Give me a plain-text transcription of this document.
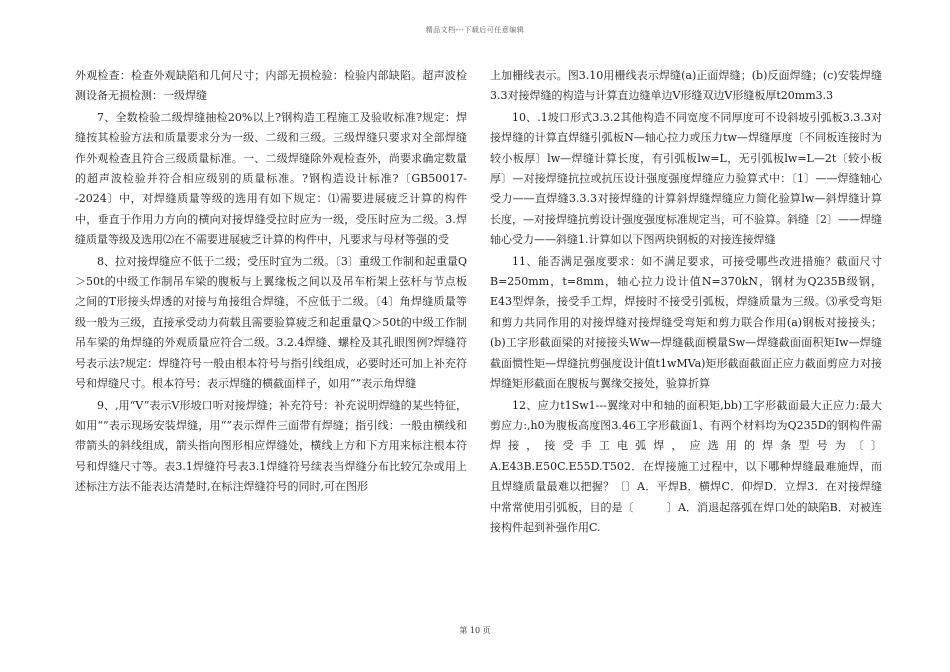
精品文档---下载后可任意编辑

外观检查：检查外观缺陷和几何尺寸；内部无损检验：检验内部缺陷。超声波检测设备无损检测：一级焊缝

7、全数检验二级焊缝抽检20%以上?钢构造工程施工及验收标准?规定：焊缝按其检验方法和质量要求分为一级、二级和三级。三级焊缝只要求对全部焊缝作外观检查且符合三级质量标准。一、二级焊缝除外观检查外，尚要求确定数量的超声波检验并符合相应级别的质量标准。?钢构造设计标准?〔GB50017--2024〕中，对焊缝质量等级的选用有如下规定：⑴需要进展疲乏计算的构件中，垂直于作用力方向的横向对接焊缝受拉时应为一级，受压时应为二级。3.焊缝质量等级及选用⑵在不需要进展疲乏计算的构件中，凡要求与母材等强的受

8、拉对接焊缝应不低于二级；受压时宜为二级。〔3〕重级工作制和起重量Q＞50t的中级工作制吊车梁的腹板与上翼缘板之间以及吊车桁架上弦杆与节点板之间的T形接头焊透的对接与角接组合焊缝，不应低于二级。〔4〕角焊缝质量等级一般为三级，直接承受动力荷载且需要验算疲乏和起重量Q＞50t的中级工作制吊车梁的角焊缝的外观质量应符合二级。3.2.4焊缝、螺栓及其孔眼图例?焊缝符号表示法?规定：焊缝符号一般由根本符号与指引线组成，必要时还可加上补充符号和焊缝尺寸。根本符号：表示焊缝的横截面样子，如用“”表示角焊缝

9、,用“V”表示V形坡口听对接焊缝；补充符号：补充说明焊缝的某些特征，如用“”表示现场安装焊缝，用“”表示焊件三面带有焊缝；指引线：一般由横线和带箭头的斜线组成，箭头指向图形相应焊缝处，横线上方和下方用来标注根本符号和焊缝尺寸等。表3.1焊缝符号表3.1焊缝符号续表当焊缝分布比较冗杂或用上述标注方法不能表达清楚时,在标注焊缝符号的同时,可在图形

上加栅线表示。图3.10用栅线表示焊缝(a)正面焊缝；(b)反面焊缝；(c)安装焊缝3.3对接焊缝的构造与计算直边缝单边V形缝双边V形缝板厚t20mm3.3

10、.1坡口形式3.3.2其他构造不同宽度不同厚度可不设斜坡引弧板3.3.3对接焊缝的计算直焊缝引弧板N—轴心拉力或压力tw—焊缝厚度〔不同板连接时为较小板厚〕lw—焊缝计算长度，有引弧板lw=L，无引弧板lw=L—2t〔较小板厚〕—对接焊缝抗拉或抗压设计强度强度焊缝应力验算式中：〔1〕——焊缝轴心受力——直焊缝3.3.3对接焊缝的计算斜焊缝焊缝应力简化验算lw—斜焊缝计算长度，—对接焊缝抗剪设计强度强度标准规定当，可不验算。斜缝〔2〕——焊缝轴心受力——斜缝1.计算如以下图两块钢板的对接连接焊缝

11、能否满足强度要求：如不满足要求，可接受哪些改进措施？截面尺寸B=250mm，t=8mm，轴心拉力设计值N=370kN，钢材为Q235B级钢，E43型焊条，接受手工焊，焊接时不接受引弧板，焊缝质量为三级。⑶承受弯矩和剪力共同作用的对接焊缝对接焊缝受弯矩和剪力联合作用(a)钢板对接接头；(b)工字形截面梁的对接接头Ww—焊缝截面模量Sw—焊缝截面面积矩Iw—焊缝截面惯性矩—焊缝抗剪强度设计值t1wMVa)矩形截面截面正应力截面剪应力对接焊缝矩形截面在腹板与翼缘交接处，验算折算

12、应力t1Sw1---翼缘对中和轴的面积矩,bb)工字形截面最大正应力:最大剪应力:,h0为腹板高度图3.46工字形截面1、有两个材料均为Q235D的钢构件需焊接，接受手工电弧焊，应选用的焊条型号为〔〕A.E43B.E50C.E55D.T502．在焊接施工过程中，以下哪种焊缝最难施焊，而且焊缝质量最难以把握？〔〕A．平焊B．横焊C．仰焊D．立焊3．在对接焊缝中常常使用引弧板，目的是〔　　　〕A．消退起落弧在焊口处的缺陷B．对被连接构件起到补强作用C.

第 10 页
